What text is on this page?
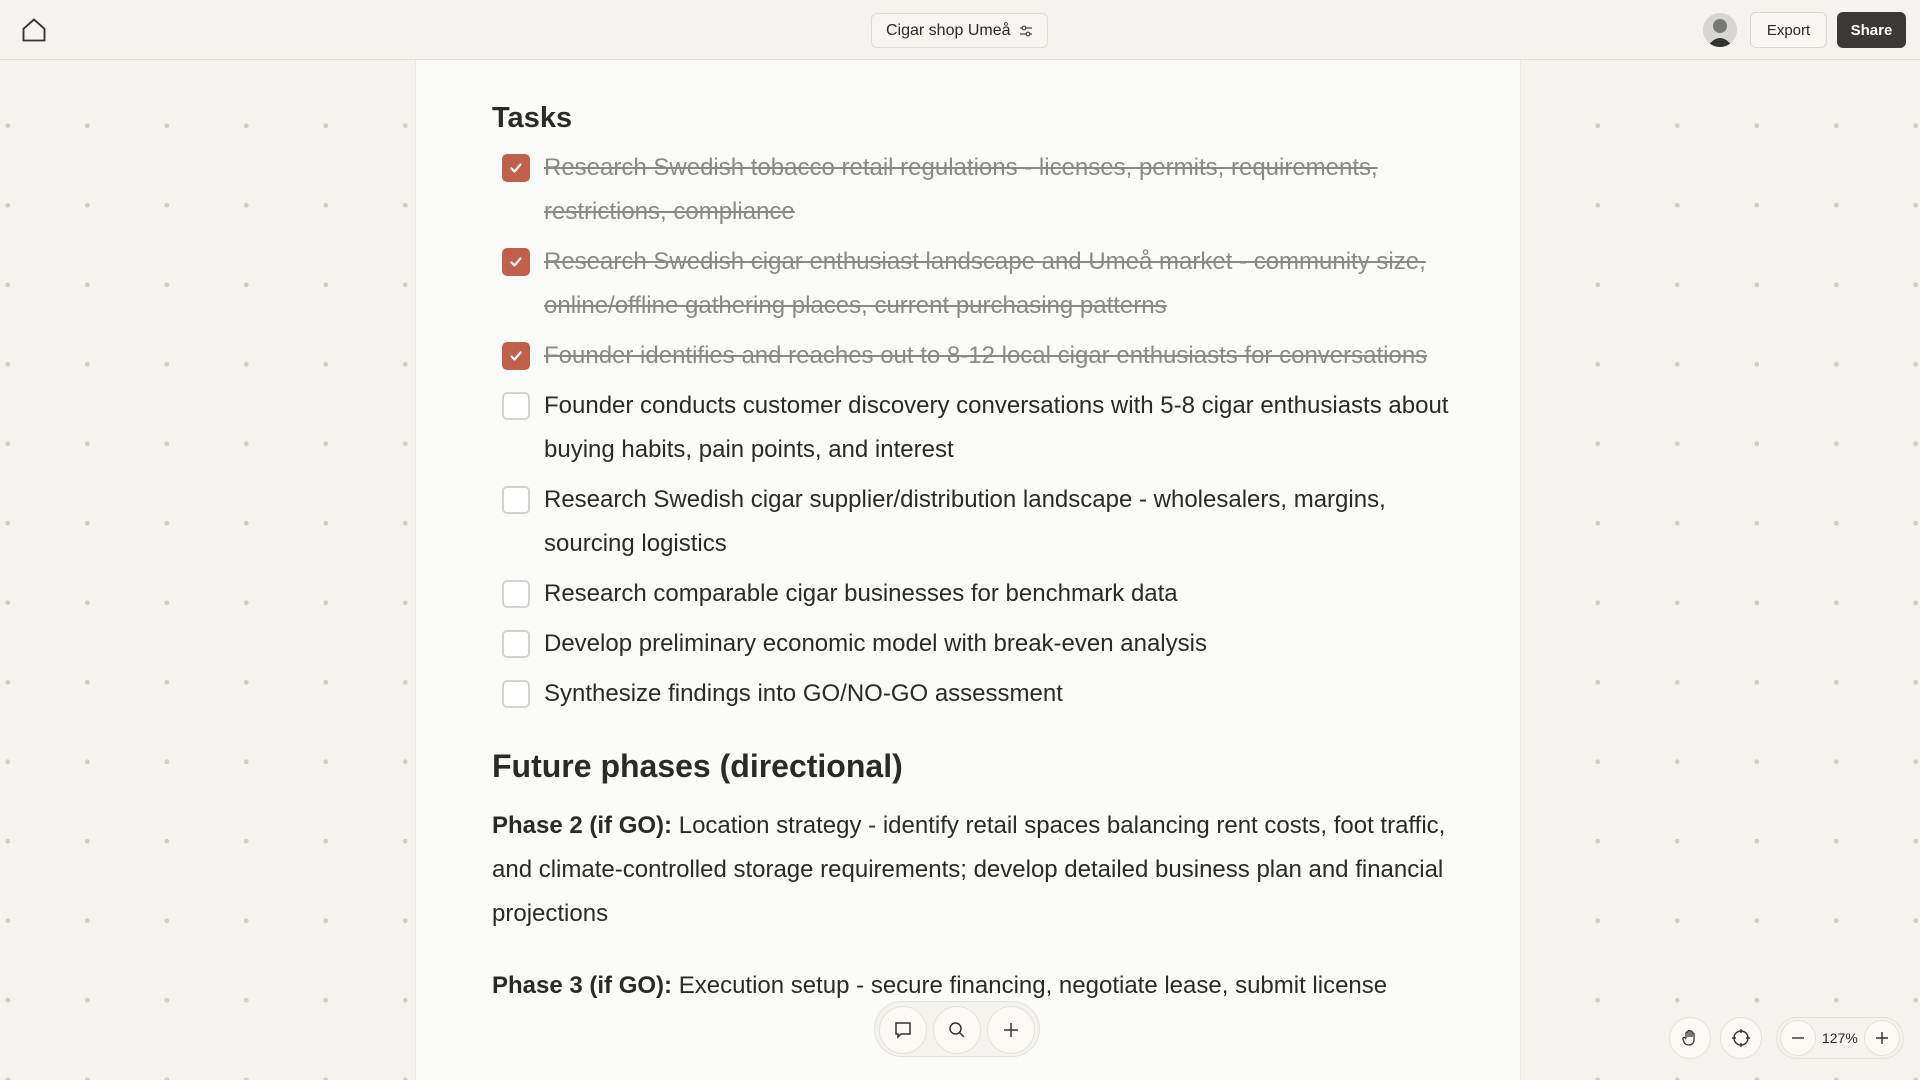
Cigar shop Umeå	Export	Share
Tasks
Research Swedish tobacco retail regulations - licenses, permits, requirements, restrictions, compliance
Research Swedish cigar enthusiast landscape and Umeå market - community size, online/offline gathering places, current purchasing patterns
Founder identifies and reaches out to 8-12 local cigar enthusiasts for conversations
Founder conducts customer discovery conversations with 5-8 cigar enthusiasts about buying habits, pain points, and interest
Research Swedish cigar supplier/distribution landscape - wholesalers, margins, sourcing logistics
Research comparable cigar businesses for benchmark data
Develop preliminary economic model with break-even analysis
Synthesize findings into GO/NO-GO assessment
Future phases (directional)

Phase 2 (if GO): Location strategy - identify retail spaces balancing rent costs, foot traffic, and climate-controlled storage requirements; develop detailed business plan and financial projections

Phase 3 (if GO): Execution setup - secure financing, negotiate lease, submit license

127%
